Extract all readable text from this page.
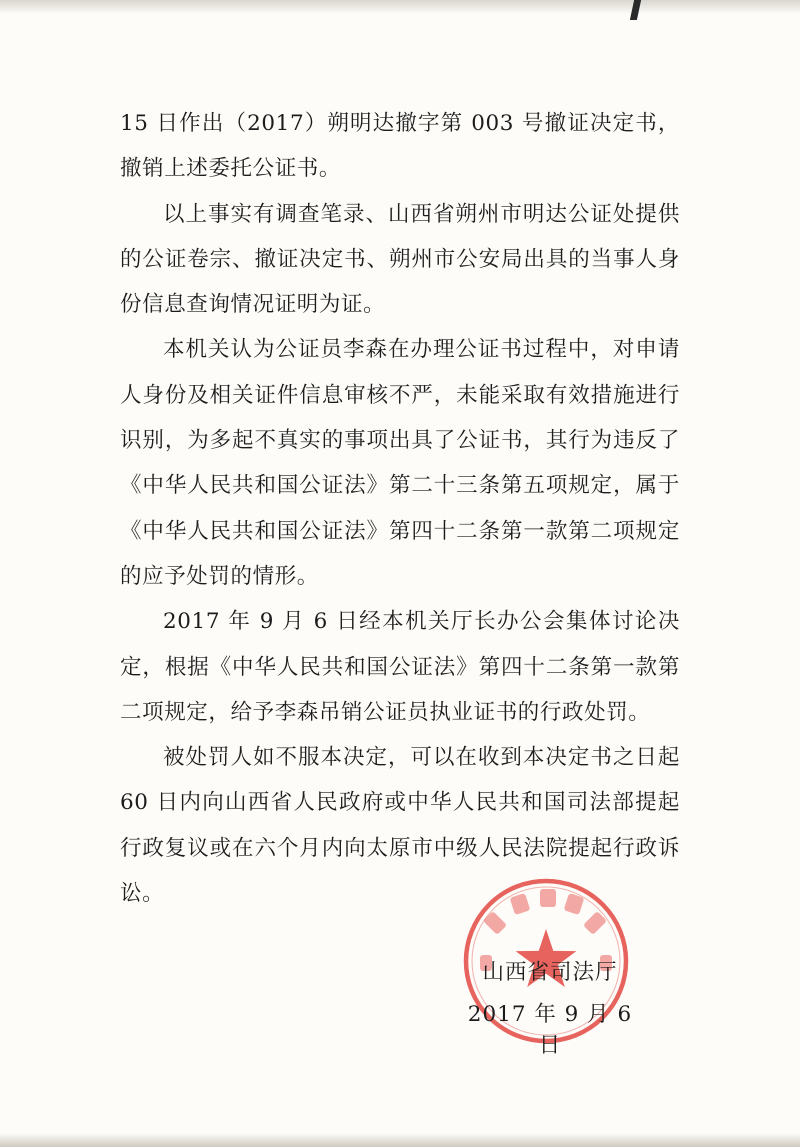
15 日作出（2017）朔明达撤字第 003 号撤证决定书，撤销上述委托公证书。

以上事实有调查笔录、山西省朔州市明达公证处提供的公证卷宗、撤证决定书、朔州市公安局出具的当事人身份信息查询情况证明为证。

本机关认为公证员李森在办理公证书过程中，对申请人身份及相关证件信息审核不严，未能采取有效措施进行识别，为多起不真实的事项出具了公证书，其行为违反了《中华人民共和国公证法》第二十三条第五项规定，属于《中华人民共和国公证法》第四十二条第一款第二项规定的应予处罚的情形。

2017 年 9 月 6 日经本机关厅长办公会集体讨论决定，根据《中华人民共和国公证法》第四十二条第一款第二项规定，给予李森吊销公证员执业证书的行政处罚。

被处罚人如不服本决定，可以在收到本决定书之日起 60 日内向山西省人民政府或中华人民共和国司法部提起行政复议或在六个月内向太原市中级人民法院提起行政诉讼。

山西省司法厅
2017 年 9 月 6 日
